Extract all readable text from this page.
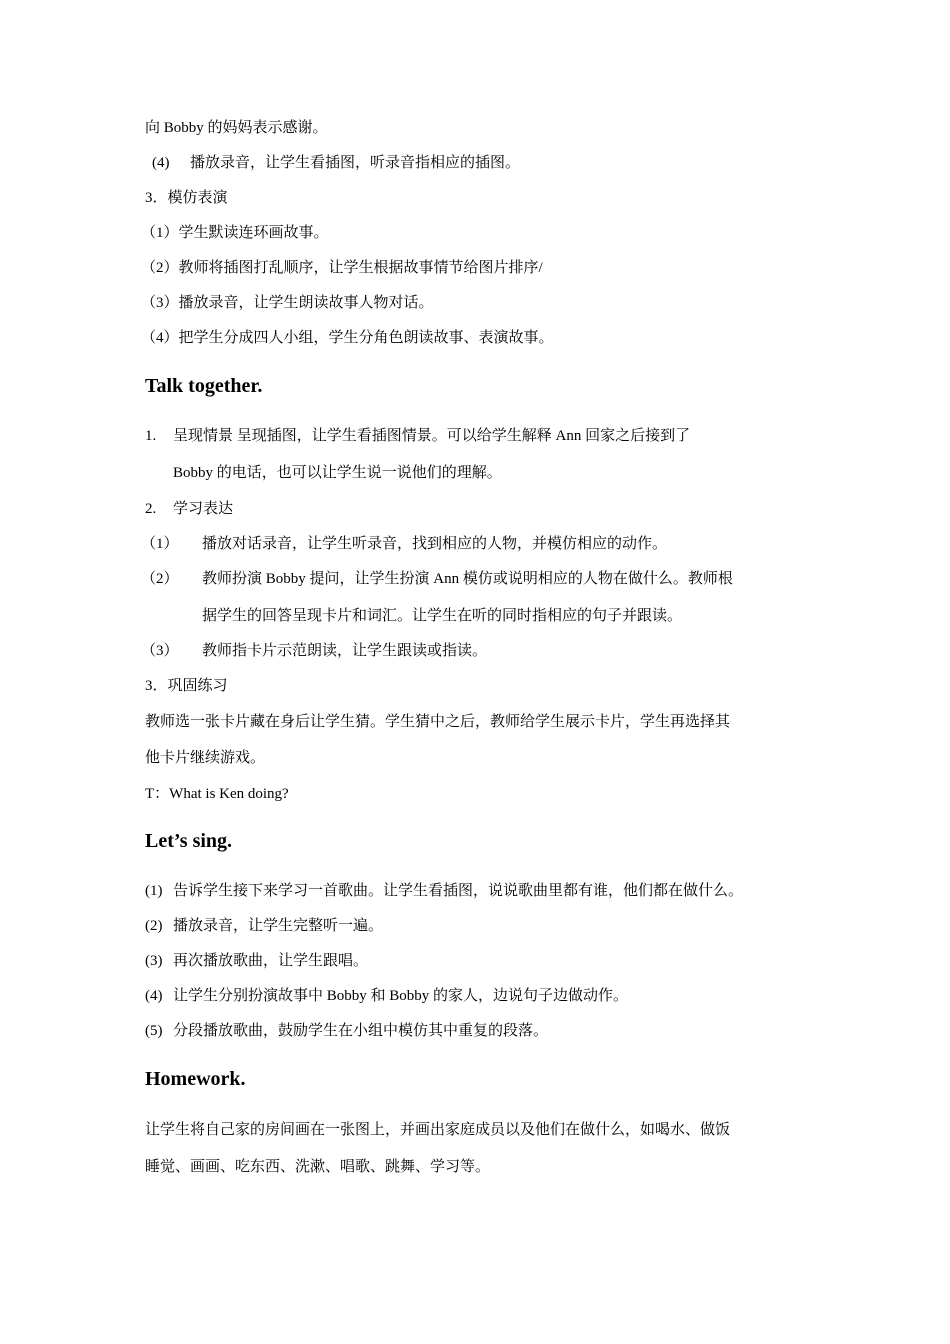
向 Bobby 的妈妈表示感谢。
(4) 播放录音，让学生看插图，听录音指相应的插图。
3．模仿表演
（1）学生默读连环画故事。
（2）教师将插图打乱顺序，让学生根据故事情节给图片排序/
（3）播放录音，让学生朗读故事人物对话。
（4）把学生分成四人小组，学生分角色朗读故事、表演故事。
Talk together.
1. 呈现情景 呈现插图，让学生看插图情景。可以给学生解释 Ann 回家之后接到了
Bobby 的电话，也可以让学生说一说他们的理解。
2. 学习表达
（1） 播放对话录音，让学生听录音，找到相应的人物，并模仿相应的动作。
（2） 教师扮演 Bobby 提问，让学生扮演 Ann 模仿或说明相应的人物在做什么。教师根
据学生的回答呈现卡片和词汇。让学生在听的同时指相应的句子并跟读。
（3） 教师指卡片示范朗读，让学生跟读或指读。
3．巩固练习
教师选一张卡片藏在身后让学生猜。学生猜中之后，教师给学生展示卡片，学生再选择其
他卡片继续游戏。
T：What is Ken doing?
Let’s sing.
(1) 告诉学生接下来学习一首歌曲。让学生看插图，说说歌曲里都有谁，他们都在做什么。
(2) 播放录音，让学生完整听一遍。
(3) 再次播放歌曲，让学生跟唱。
(4) 让学生分别扮演故事中 Bobby 和 Bobby 的家人，边说句子边做动作。
(5) 分段播放歌曲，鼓励学生在小组中模仿其中重复的段落。
Homework.
让学生将自己家的房间画在一张图上，并画出家庭成员以及他们在做什么，如喝水、做饭
睡觉、画画、吃东西、洗漱、唱歌、跳舞、学习等。
